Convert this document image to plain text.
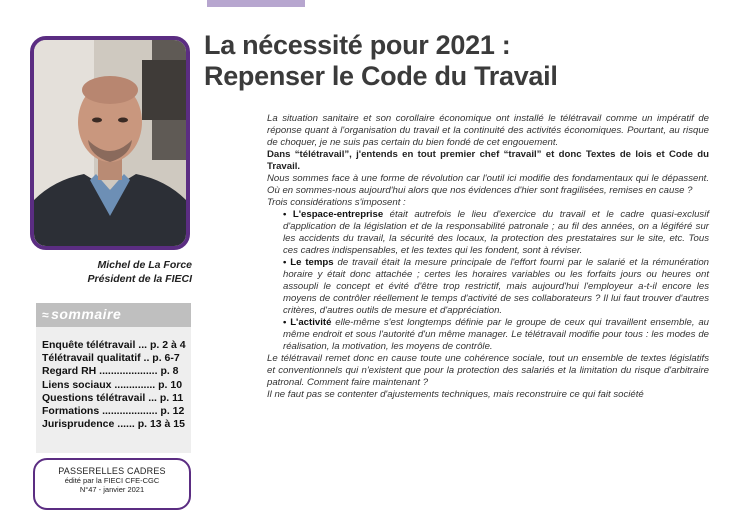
Michel de La Force
Président de la FIECI
≈ sommaire
Enquête télétravail ... p. 2 à 4
Télétravail qualitatif .. p. 6-7
Regard RH .................... p. 8
Liens sociaux .............. p. 10
Questions télétravail ... p. 11
Formations ................... p. 12
Jurisprudence ...... p. 13 à 15
PASSERELLES CADRES
édité par la FIECI CFE-CGC
N°47 - janvier 2021
La nécessité pour 2021 :
Repenser le Code du Travail

La situation sanitaire et son corollaire économique ont installé le télétravail comme un impératif de réponse quant à l'organisation du travail et la continuité des activités économiques. Pourtant, au risque de choquer, je ne suis pas certain du bien fondé de cet engouement.

Dans “télétravail”, j'entends en tout premier chef “travail” et donc Textes de lois et Code du Travail.

Nous sommes face à une forme de révolution car l'outil ici modifie des fondamentaux qui le dépassent. Où en sommes-nous aujourd'hui alors que nos évidences d'hier sont fragilisées, remises en cause ?

Trois considérations s'imposent :

• L'espace-entreprise était autrefois le lieu d'exercice du travail et le cadre quasi-exclusif d'application de la législation et de la responsabilité patronale ; au fil des années, on a légiféré sur les accidents du travail, la sécurité des locaux, la protection des prestataires sur le site, etc. Tous ces cadres indispensables, et les textes qui les fondent, sont à réviser.

• Le temps de travail était la mesure principale de l'effort fourni par le salarié et la rémunération horaire y était donc attachée ; certes les horaires variables ou les forfaits jours ou heures ont assoupli le concept et évité d'être trop restrictif, mais aujourd'hui l'employeur a-t-il encore les moyens de contrôler réellement le temps d'activité de ses collaborateurs ? Il lui faut trouver d'autres critères, d'autres outils de mesure et d'appréciation.

• L'activité elle-même s'est longtemps définie par le groupe de ceux qui travaillent ensemble, au même endroit et sous l'autorité d'un même manager. Le télétravail modifie pour tous : les modes de réalisation, la motivation, les moyens de contrôle.

Le télétravail remet donc en cause toute une cohérence sociale, tout un ensemble de textes législatifs et conventionnels qui n'existent que pour la protection des salariés et la limitation du risque d'arbitraire patronal. Comment faire maintenant ?

Il ne faut pas se contenter d'ajustements techniques, mais reconstruire ce qui fait société
